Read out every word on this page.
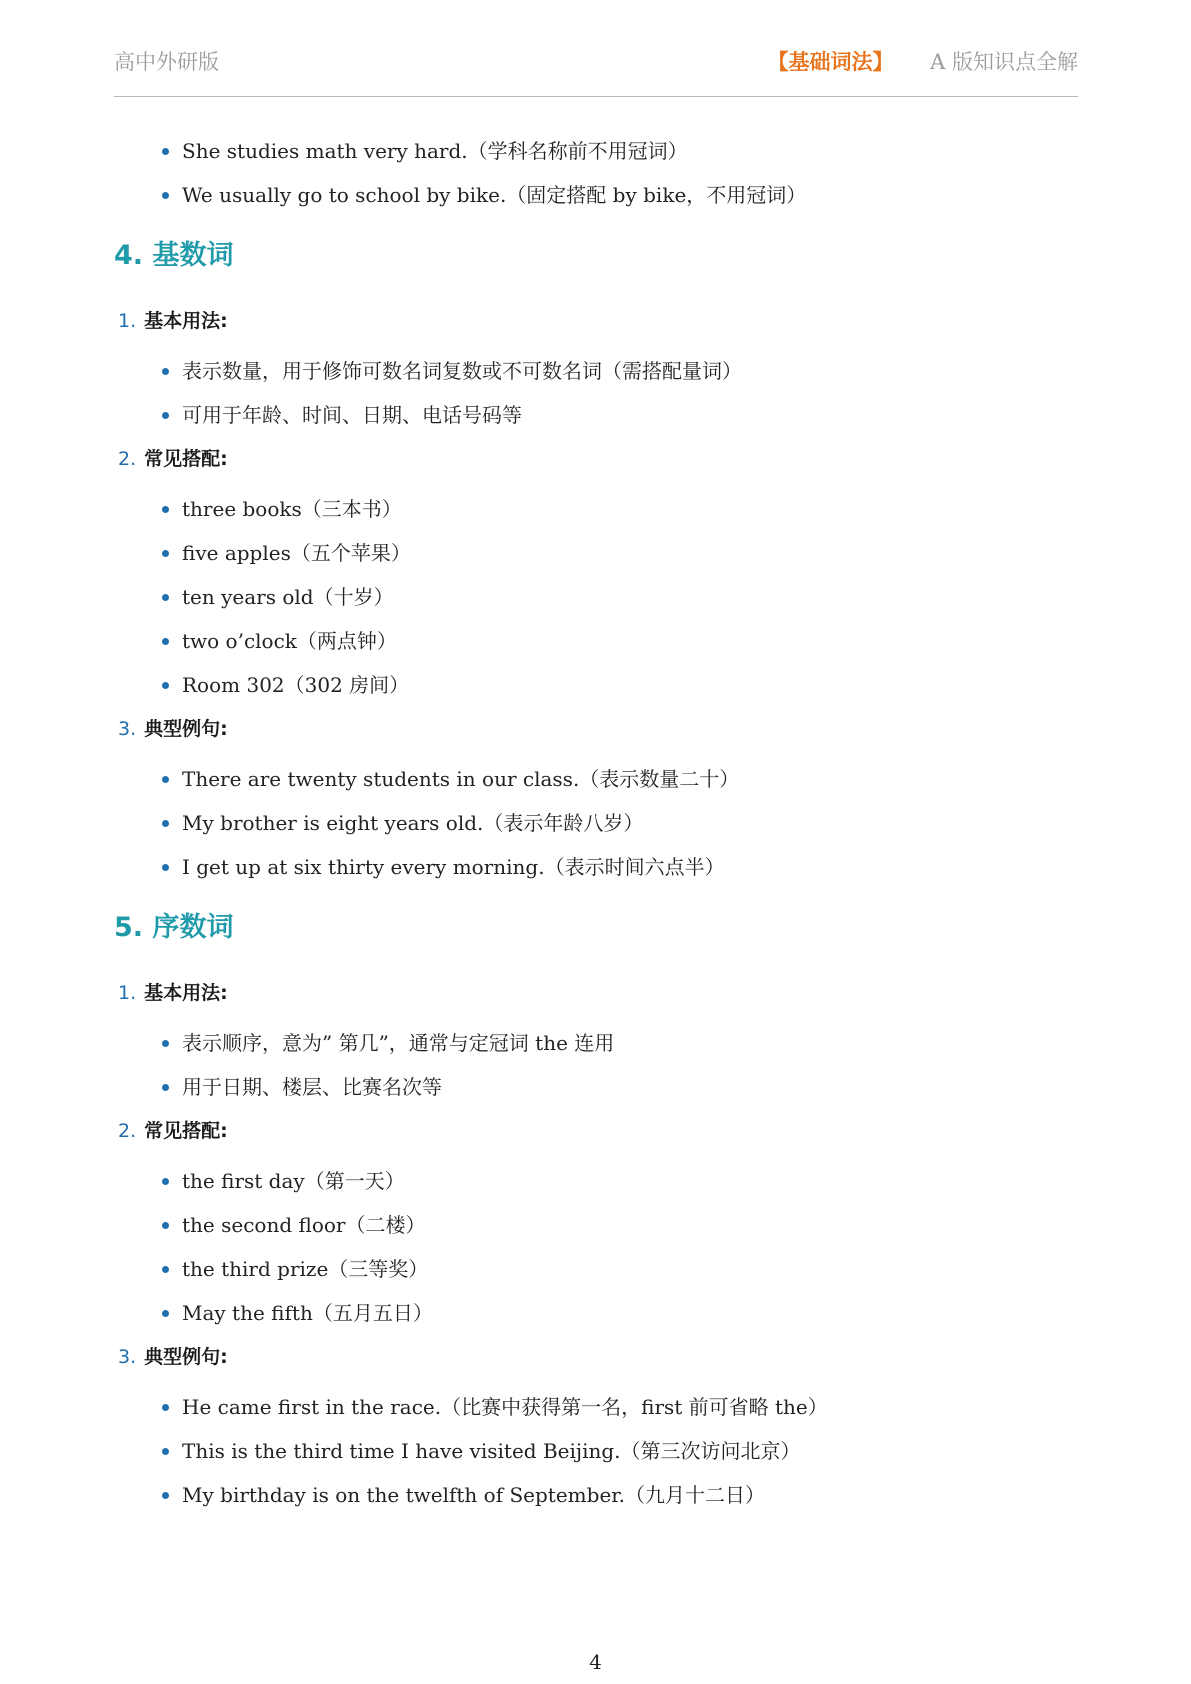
高中外研版	【基础词法】 A 版知识点全解
She studies math very hard.（学科名称前不用冠词）
We usually go to school by bike.（固定搭配 by bike，不用冠词）
4. 基数词
1. 基本用法:
表示数量，用于修饰可数名词复数或不可数名词（需搭配量词）
可用于年龄、时间、日期、电话号码等
2. 常见搭配:
three books（三本书）
five apples（五个苹果）
ten years old（十岁）
two o’clock（两点钟）
Room 302（302 房间）
3. 典型例句:
There are twenty students in our class.（表示数量二十）
My brother is eight years old.（表示年龄八岁）
I get up at six thirty every morning.（表示时间六点半）
5. 序数词
1. 基本用法:
表示顺序，意为” 第几”，通常与定冠词 the 连用
用于日期、楼层、比赛名次等
2. 常见搭配:
the first day（第一天）
the second floor（二楼）
the third prize（三等奖）
May the fifth（五月五日）
3. 典型例句:
He came first in the race.（比赛中获得第一名，first 前可省略 the）
This is the third time I have visited Beijing.（第三次访问北京）
My birthday is on the twelfth of September.（九月十二日）
4
